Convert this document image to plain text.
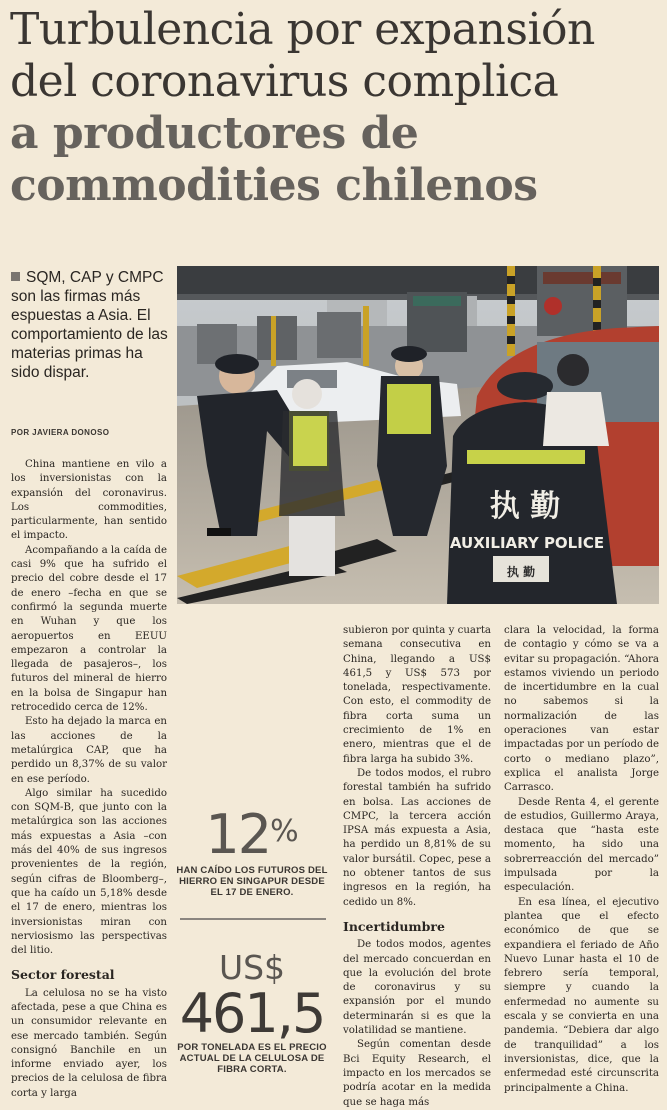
Turbulencia por expansión
del coronavirus complica
a productores de
commodities chilenos
SQM, CAP y CMPC son las firmas más espuestas a Asia. El comportamiento de las materias primas ha sido dispar.
POR JAVIERA DONOSO
执 勤
AUXILIARY POLICE
执 勤

China mantiene en vilo a los inversionistas con la expansión del coronavirus. Los commodities, particularmente, han sentido el impacto.

Acompañando a la caída de casi 9% que ha sufrido el precio del cobre desde el 17 de enero –fecha en que se confirmó la segunda muerte en Wuhan y que los aeropuertos en EEUU empezaron a controlar la llegada de pasajeros–, los futuros del mineral de hierro en la bolsa de Singapur han retrocedido cerca de 12%.

Esto ha dejado la marca en las acciones de la metalúrgica CAP, que ha perdido un 8,37% de su valor en ese período.

Algo similar ha sucedido con SQM-B, que junto con la metalúrgica son las acciones más expuestas a Asia –con más del 40% de sus ingresos provenientes de la región, según cifras de Bloomberg–, que ha caído un 5,18% desde el 17 de enero, mientras los inversionistas miran con nerviosismo las perspectivas del litio.

Sector forestal

La celulosa no se ha visto afectada, pese a que China es un consumidor relevante en ese mercado también. Según consignó Banchile en un informe enviado ayer, los precios de la celulosa de fibra corta y larga

subieron por quinta y cuarta semana consecutiva en China, llegando a US$ 461,5 y US$ 573 por tonelada, respectivamente. Con esto, el commodity de fibra corta suma un crecimiento de 1% en enero, mientras que el de fibra larga ha subido 3%.

De todos modos, el rubro forestal también ha sufrido en bolsa. Las acciones de CMPC, la tercera acción IPSA más expuesta a Asia, ha perdido un 8,81% de su valor bursátil. Copec, pese a no obtener tantos de sus ingresos en la región, ha cedido un 8%.

Incertidumbre

De todos modos, agentes del mercado concuerdan en que la evolución del brote de coronavirus y su expansión por el mundo determinarán si es que la volatilidad se mantiene.

Según comentan desde Bci Equity Research, el impacto en los mercados se podría acotar en la medida que se haga más

clara la velocidad, la forma de contagio y cómo se va a evitar su propagación. “Ahora estamos viviendo un periodo de incertidumbre en la cual no sabemos si la normalización de las operaciones van estar impactadas por un período de corto o mediano plazo”, explica el analista Jorge Carrasco.

Desde Renta 4, el gerente de estudios, Guillermo Araya, destaca que “hasta este momento, ha sido una sobrerreacción del mercado” impulsada por la especulación.

En esa línea, el ejecutivo plantea que el efecto económico de que se expandiera el feriado de Año Nuevo Lunar hasta el 10 de febrero sería temporal, siempre y cuando la enfermedad no aumente su escala y se convierta en una pandemia. “Debiera dar algo de tranquilidad” a los inversionistas, dice, que la enfermedad esté circunscrita principalmente a China.

12%
HAN CAÍDO LOS FUTUROS DEL HIERRO EN SINGAPUR DESDE EL 17 DE ENERO.
US$
461,5
POR TONELADA ES EL PRECIO ACTUAL DE LA CELULOSA DE FIBRA CORTA.
